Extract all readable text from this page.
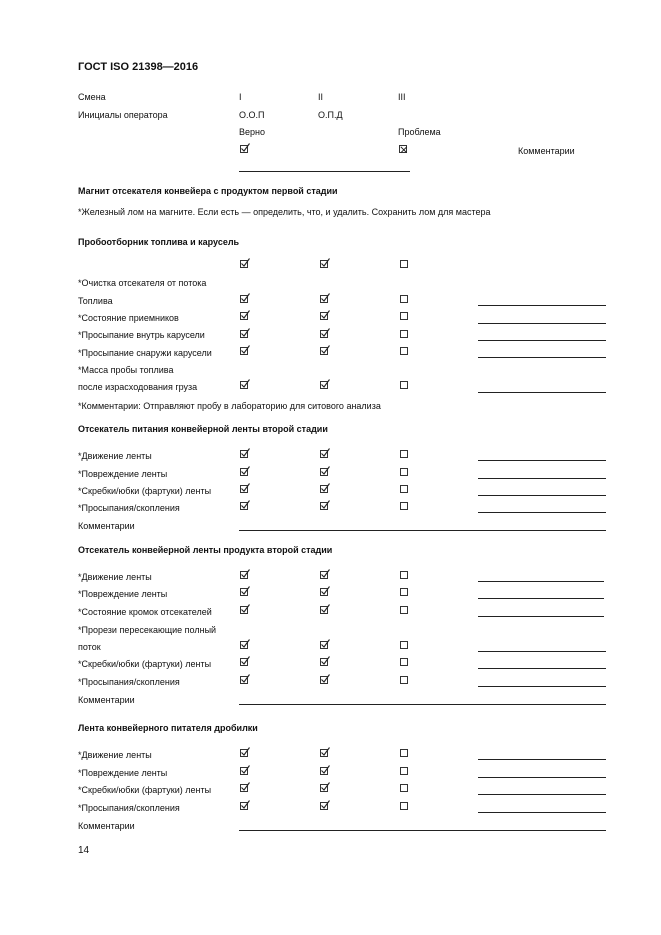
ГОСТ ISO 21398—2016
Смена	I	II	III
Инициалы оператора	О.О.П	О.П.Д
Верно	Проблема
Комментарии
Магнит отсекателя конвейера с продуктом первой стадии
*Железный лом на магните. Если есть — определить, что, и удалить. Сохранить лом для мастера
Пробоотборник топлива и карусель
*Очистка отсекателя от потока
Топлива
*Состояние приемников
*Просыпание внутрь карусели
*Просыпание снаружи карусели
*Масса пробы топлива
после израсходования груза
*Комментарии: Отправляют пробу в лабораторию для ситового анализа
Отсекатель питания конвейерной ленты второй стадии
*Движение ленты
*Повреждение ленты
*Скребки/юбки (фартуки) ленты
*Просыпания/скопления
Комментарии
Отсекатель конвейерной ленты продукта второй стадии
*Движение ленты
*Повреждение ленты
*Состояние кромок отсекателей
*Прорези пересекающие полный
поток
*Скребки/юбки (фартуки) ленты
*Просыпания/скопления
Комментарии
Лента конвейерного питателя дробилки
*Движение ленты
*Повреждение ленты
*Скребки/юбки (фартуки) ленты
*Просыпания/скопления
Комментарии
14
